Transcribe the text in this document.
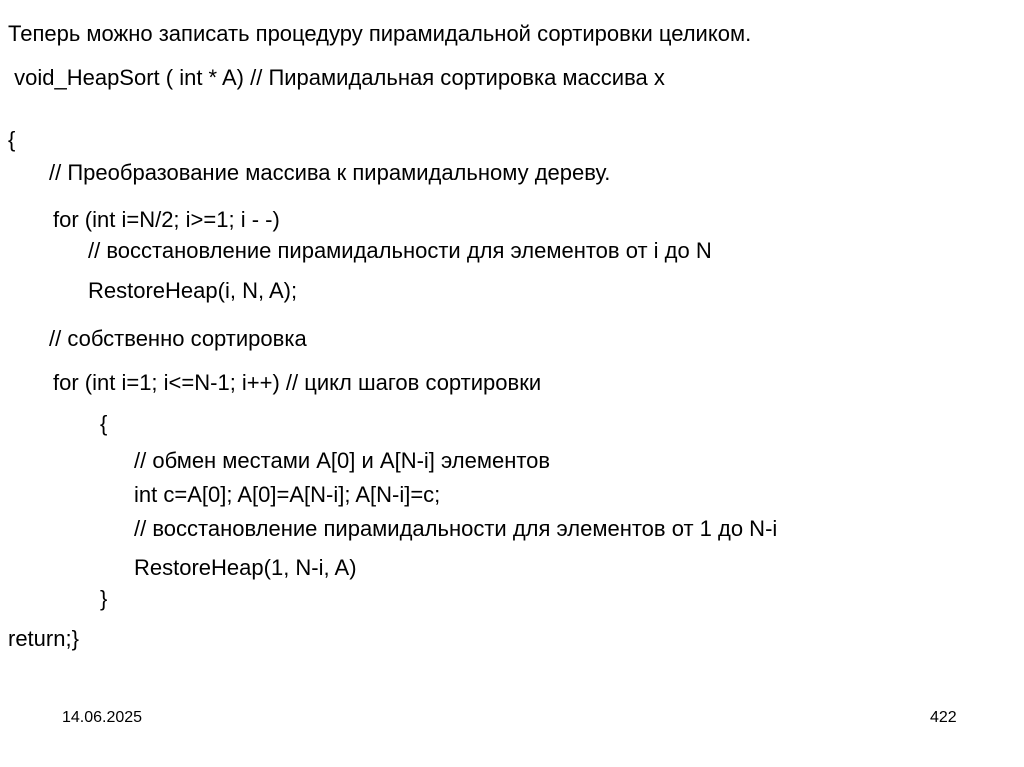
Теперь можно записать процедуру пирамидальной сортировки целиком.
void_HeapSort ( int * A) // Пирамидальная сортировка массива x
{
// Преобразование массива к пирамидальному дереву.
for (int i=N/2; i>=1; i - -)
// восстановление пирамидальности для элементов от i до N
RestoreHeap(i, N, A);
// собственно сортировка
for (int i=1; i<=N-1; i++) // цикл шагов сортировки
{
// обмен местами A[0] и A[N-i] элементов
int c=A[0]; A[0]=A[N-i]; A[N-i]=c;
// восстановление пирамидальности для элементов от 1 до N-i
RestoreHeap(1, N-i, A)
}
return;}
14.06.2025	422
